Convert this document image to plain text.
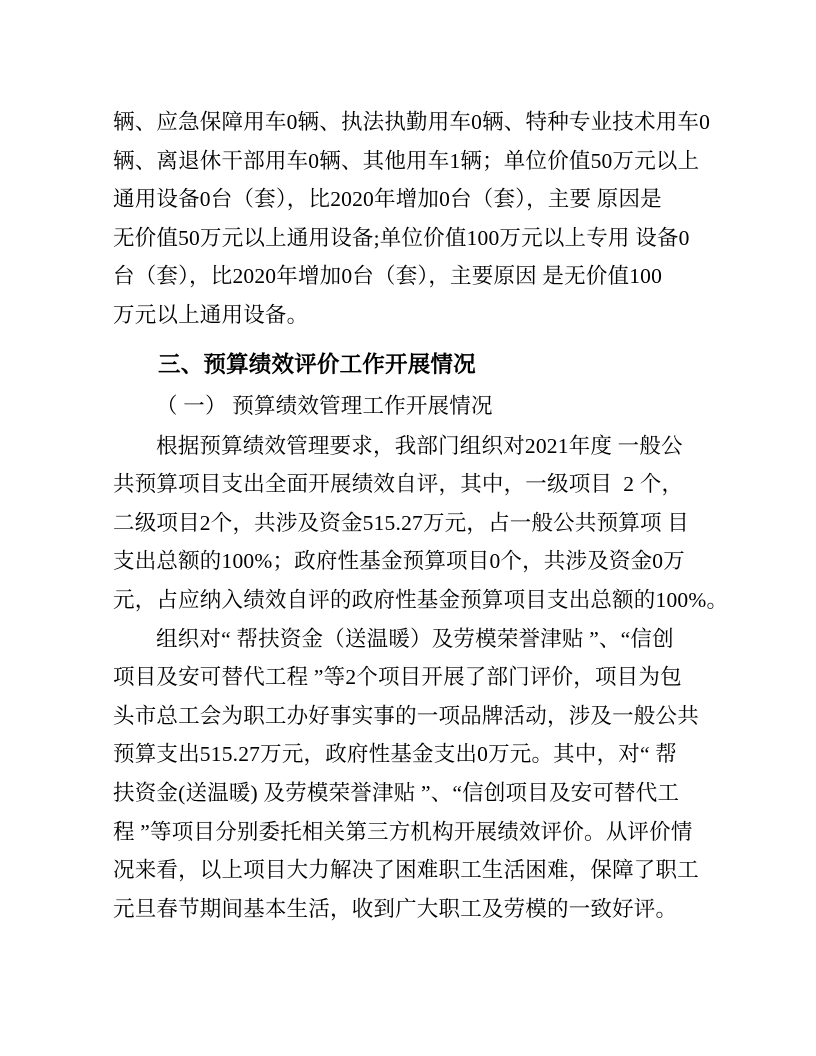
辆、应急保障用车0辆、执法执勤用车0辆、特种专业技术用车0
辆、离退休干部用车0辆、其他用车1辆；单位价值50万元以上
通用设备0台（套），比2020年增加0台（套），主要 原因是
无价值50万元以上通用设备;单位价值100万元以上专用 设备0
台（套），比2020年增加0台（套），主要原因 是无价值100
万元以上通用设备。
三、预算绩效评价工作开展情况
（ 一） 预算绩效管理工作开展情况
根据预算绩效管理要求，我部门组织对2021年度 一般公
共预算项目支出全面开展绩效自评，其中，一级项目  2 个，
二级项目2个，共涉及资金515.27万元，占一般公共预算项 目
支出总额的100%；政府性基金预算项目0个，共涉及资金0万
元，占应纳入绩效自评的政府性基金预算项目支出总额的100%。
组织对“ 帮扶资金（送温暖）及劳模荣誉津贴 ”、“信创
项目及安可替代工程 ”等2个项目开展了部门评价，项目为包
头市总工会为职工办好事实事的一项品牌活动，涉及一般公共
预算支出515.27万元，政府性基金支出0万元。其中，对“ 帮
扶资金(送温暖) 及劳模荣誉津贴 ”、“信创项目及安可替代工
程 ”等项目分别委托相关第三方机构开展绩效评价。从评价情
况来看，以上项目大力解决了困难职工生活困难，保障了职工
元旦春节期间基本生活，收到广大职工及劳模的一致好评。
